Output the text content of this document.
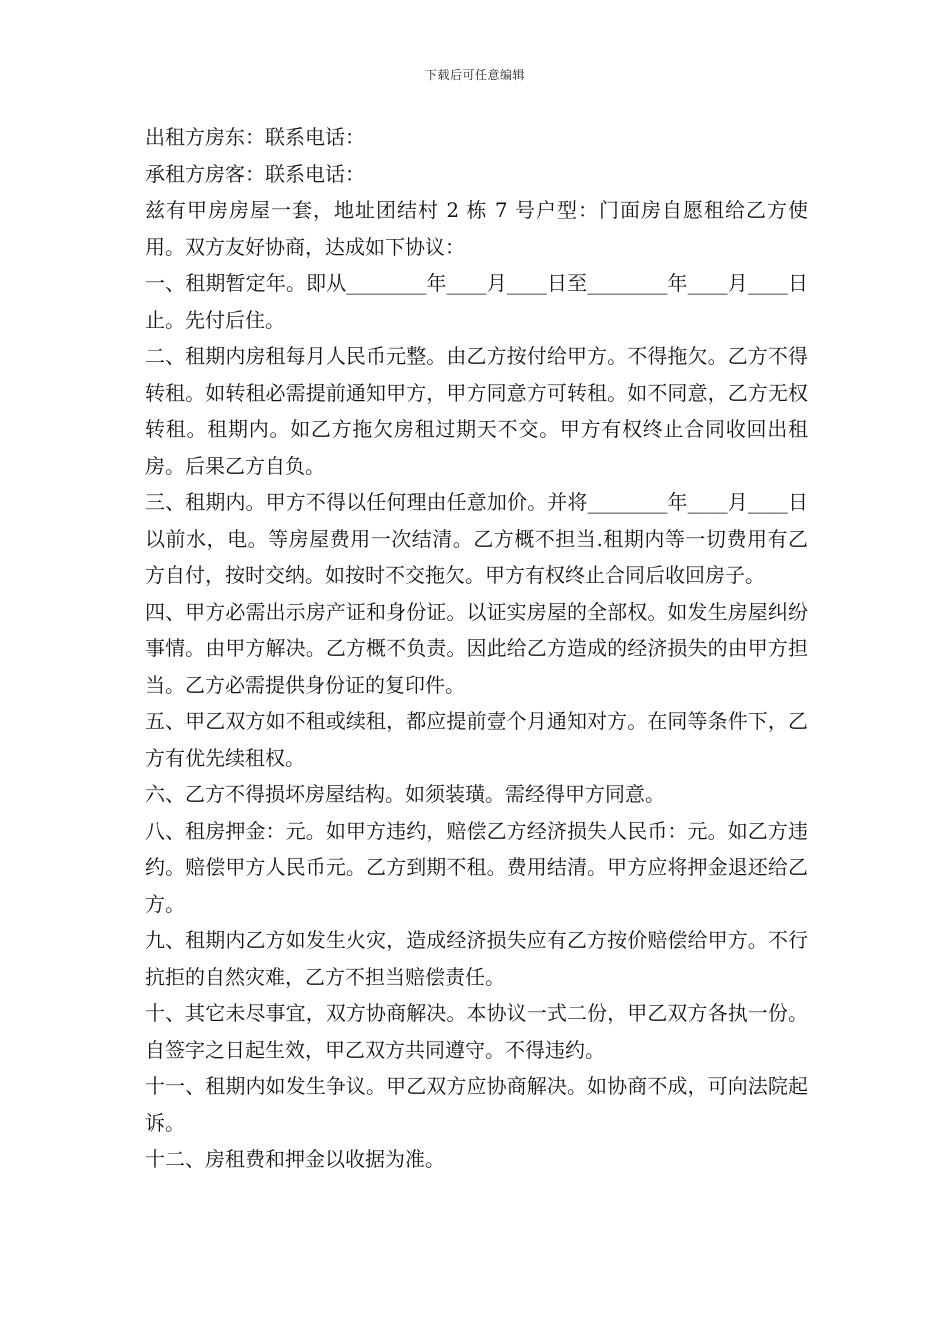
下载后可任意编辑

出租方房东：联系电话：

承租方房客：联系电话：

兹有甲房房屋一套，地址团结村 2 栋 7 号户型：门面房自愿租给乙方使用。双方友好协商，达成如下协议：

一、租期暂定年。即从________年____月____日至________年____月____日止。先付后住。

二、租期内房租每月人民币元整。由乙方按付给甲方。不得拖欠。乙方不得转租。如转租必需提前通知甲方，甲方同意方可转租。如不同意，乙方无权转租。租期内。如乙方拖欠房租过期天不交。甲方有权终止合同收回出租房。后果乙方自负。

三、租期内。甲方不得以任何理由任意加价。并将________年____月____日以前水，电。等房屋费用一次结清。乙方概不担当.租期内等一切费用有乙方自付，按时交纳。如按时不交拖欠。甲方有权终止合同后收回房子。

四、甲方必需出示房产证和身份证。以证实房屋的全部权。如发生房屋纠纷事情。由甲方解决。乙方概不负责。因此给乙方造成的经济损失的由甲方担当。乙方必需提供身份证的复印件。

五、甲乙双方如不租或续租，都应提前壹个月通知对方。在同等条件下，乙方有优先续租权。

六、乙方不得损坏房屋结构。如须装璜。需经得甲方同意。

八、租房押金：元。如甲方违约，赔偿乙方经济损失人民币：元。如乙方违约。赔偿甲方人民币元。乙方到期不租。费用结清。甲方应将押金退还给乙方。

九、租期内乙方如发生火灾，造成经济损失应有乙方按价赔偿给甲方。不行抗拒的自然灾难，乙方不担当赔偿责任。

十、其它未尽事宜，双方协商解决。本协议一式二份，甲乙双方各执一份。自签字之日起生效，甲乙双方共同遵守。不得违约。

十一、租期内如发生争议。甲乙双方应协商解决。如协商不成，可向法院起诉。

十二、房租费和押金以收据为准。
